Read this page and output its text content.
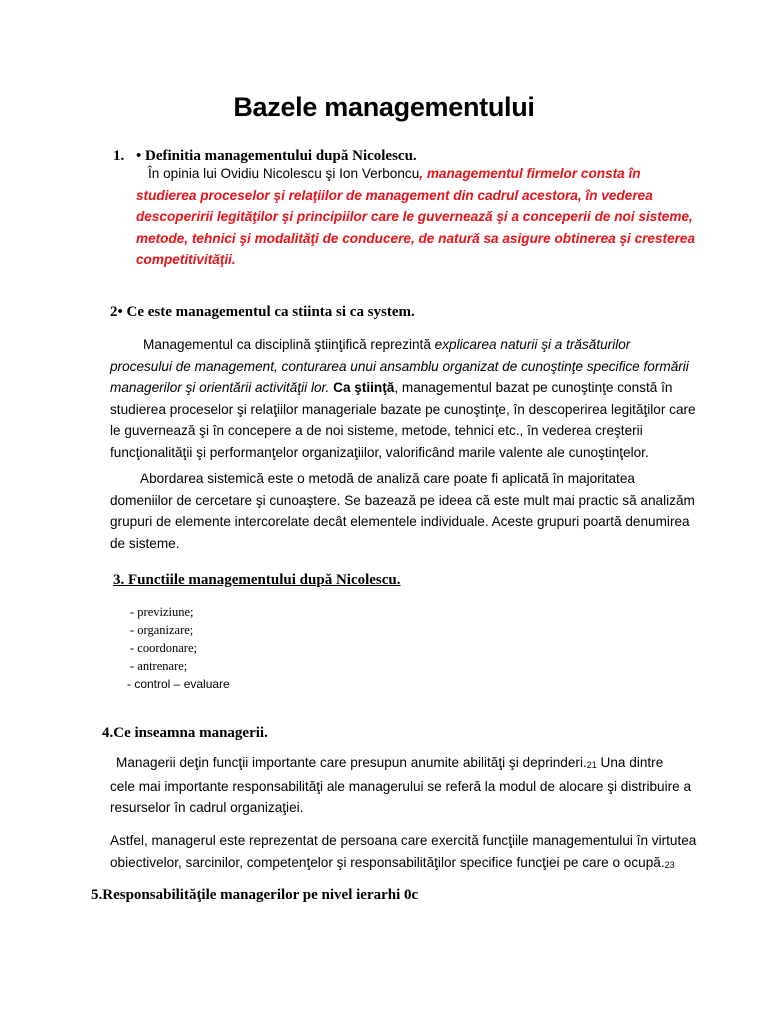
Bazele managementului
1. • Definitia managementului după Nicolescu.
În opinia lui Ovidiu Nicolescu şi Ion Verboncu, managementul firmelor consta în
studierea proceselor şi relaţiilor de management din cadrul acestora, în vederea
descoperirii legităţilor şi principiilor care le guvernează şi a conceperii de noi sisteme,
metode, tehnici şi modalităţi de conducere, de natură sa asigure obtinerea şi cresterea
competitivităţii.
2• Ce este managementul ca stiinta si ca system.
Managementul ca disciplină ştiinţifică reprezintă explicarea naturii şi a trăsăturilor
procesului de management, conturarea unui ansamblu organizat de cunoştinţe specifice formării
managerilor şi orientării activităţii lor. Ca ştiinţă, managementul bazat pe cunoştinţe constă în
studierea proceselor şi relaţiilor manageriale bazate pe cunoştinţe, în descoperirea legităţilor care
le guvernează şi în concepere a de noi sisteme, metode, tehnici etc., în vederea creşterii
funcţionalităţii şi performanţelor organizaţiilor, valorificând marile valente ale cunoştinţelor.
Abordarea sistemică este o metodă de analiză care poate fi aplicată în majoritatea
domeniilor de cercetare şi cunoaştere. Se bazează pe ideea că este mult mai practic să analizăm
grupuri de elemente intercorelate decât elementele individuale. Aceste grupuri poartă denumirea
de sisteme.
3. Functiile managementului după Nicolescu.
- previziune;
- organizare;
- coordonare;
- antrenare;
- control – evaluare
4.Ce inseamna managerii.
Managerii deţin funcţii importante care presupun anumite abilităţi şi deprinderi.$^{21}$ Una dintre
cele mai importante responsabilităţi ale managerului se referă la modul de alocare şi distribuire a
resurselor în cadrul organizaţiei.
Astfel, managerul este reprezentat de persoana care exercită funcţiile managementului în virtutea
obiectivelor, sarcinilor, competenţelor şi responsabilităţilor specifice funcţiei pe care o ocupă.$^{23}$
5.Responsabilităţile managerilor pe nivel ierarhi 0c
